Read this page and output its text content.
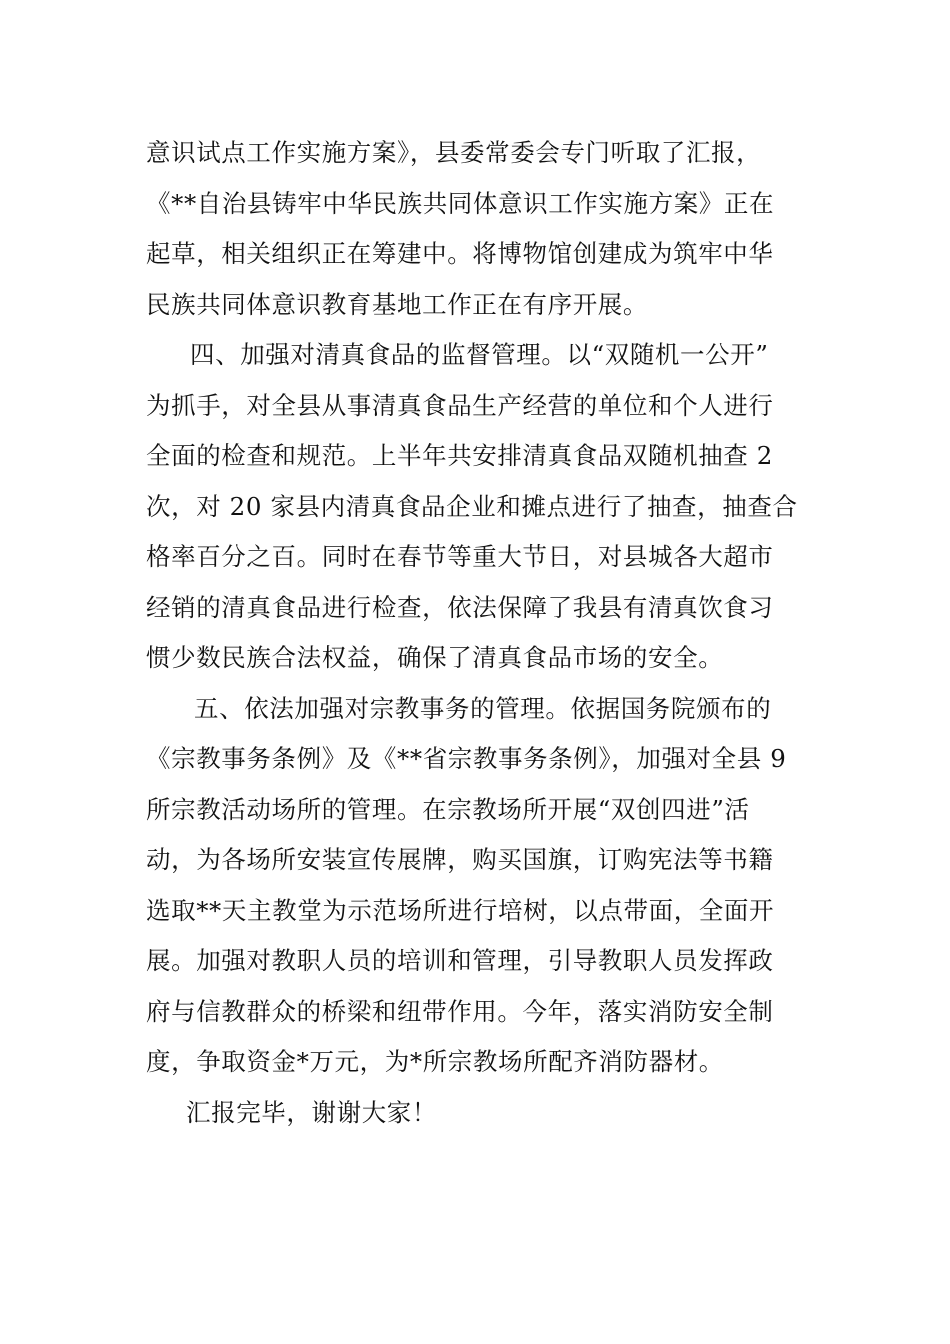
意识试点工作实施方案》，县委常委会专门听取了汇报，
《**自治县铸牢中华民族共同体意识工作实施方案》正在
起草，相关组织正在筹建中。将博物馆创建成为筑牢中华
民族共同体意识教育基地工作正在有序开展。
四、加强对清真食品的监督管理。以“双随机一公开”
为抓手，对全县从事清真食品生产经营的单位和个人进行
全面的检查和规范。上半年共安排清真食品双随机抽查 2
次，对 20 家县内清真食品企业和摊点进行了抽查，抽查合
格率百分之百。同时在春节等重大节日，对县城各大超市
经销的清真食品进行检查，依法保障了我县有清真饮食习
惯少数民族合法权益，确保了清真食品市场的安全。
五、依法加强对宗教事务的管理。依据国务院颁布的
《宗教事务条例》及《**省宗教事务条例》，加强对全县 9
所宗教活动场所的管理。在宗教场所开展“双创四进”活
动，为各场所安装宣传展牌，购买国旗，订购宪法等书籍
选取**天主教堂为示范场所进行培树，以点带面，全面开
展。加强对教职人员的培训和管理，引导教职人员发挥政
府与信教群众的桥梁和纽带作用。今年，落实消防安全制
度，争取资金*万元，为*所宗教场所配齐消防器材。
汇报完毕，谢谢大家！
